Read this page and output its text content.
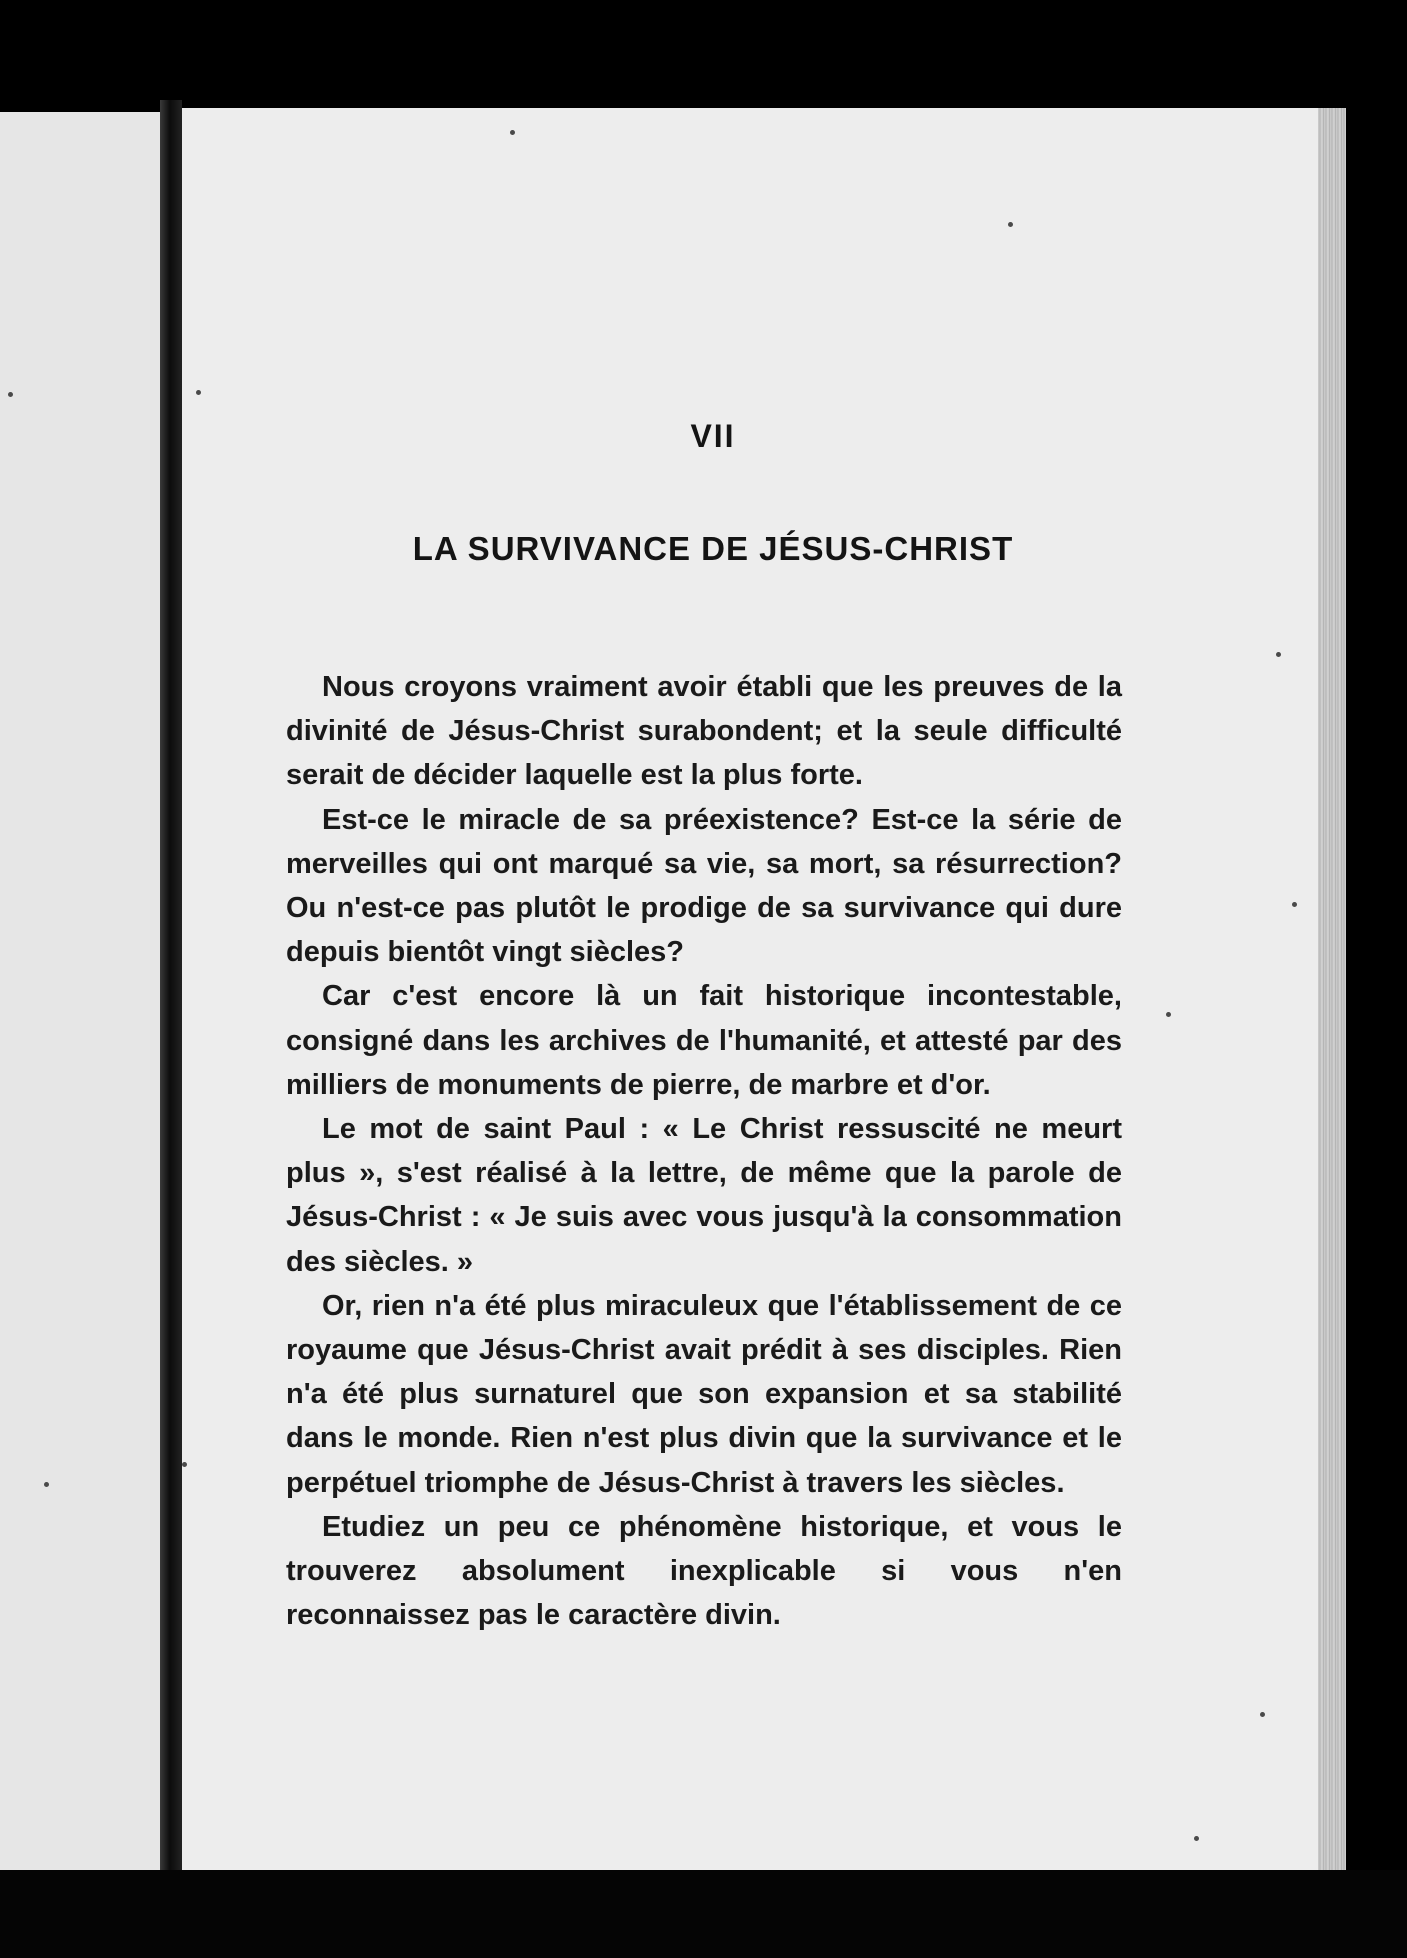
VII
LA SURVIVANCE DE JÉSUS-CHRIST

Nous croyons vraiment avoir établi que les preuves de la divinité de Jésus-Christ surabondent; et la seule difficulté serait de décider laquelle est la plus forte.

Est-ce le miracle de sa préexistence? Est-ce la série de merveilles qui ont marqué sa vie, sa mort, sa résurrection? Ou n'est-ce pas plutôt le prodige de sa survivance qui dure depuis bientôt vingt siècles?

Car c'est encore là un fait historique incontestable, consigné dans les archives de l'humanité, et attesté par des milliers de monuments de pierre, de marbre et d'or.

Le mot de saint Paul : « Le Christ ressuscité ne meurt plus », s'est réalisé à la lettre, de même que la parole de Jésus-Christ : « Je suis avec vous jusqu'à la consommation des siècles. »

Or, rien n'a été plus miraculeux que l'établissement de ce royaume que Jésus-Christ avait prédit à ses disciples. Rien n'a été plus surnaturel que son expansion et sa stabilité dans le monde. Rien n'est plus divin que la survivance et le perpétuel triomphe de Jésus-Christ à travers les siècles.

Etudiez un peu ce phénomène historique, et vous le trouverez absolument inexplicable si vous n'en reconnaissez pas le caractère divin.
